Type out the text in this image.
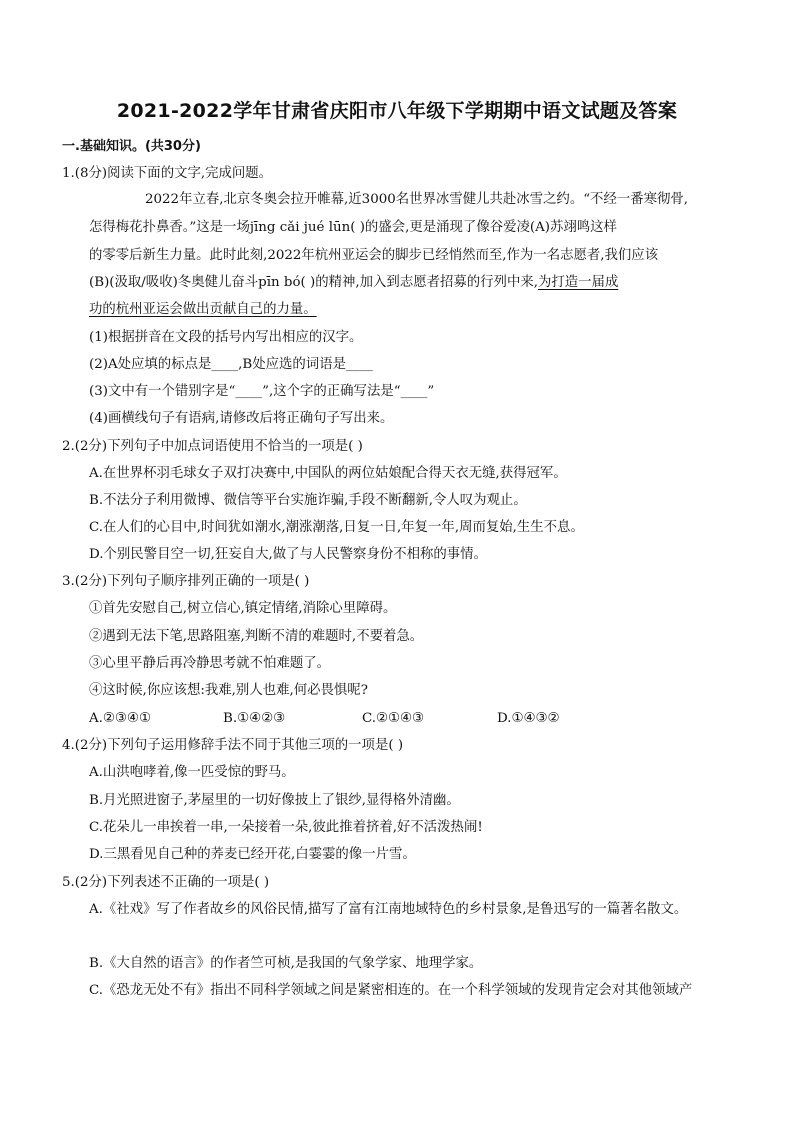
2021-2022学年甘肃省庆阳市八年级下学期期中语文试题及答案
一.基础知识。(共30分)
1.(8分)阅读下面的文字,完成问题。
2022年立春,北京冬奥会拉开帷幕,近3000名世界冰雪健儿共赴冰雪之约。“不经一番寒彻骨,
怎得梅花扑鼻香。”这是一场jīng cǎi jué lūn( )的盛会,更是涌现了像谷爱凌(A)苏翊鸣这样
的零零后新生力量。此时此刻,2022年杭州亚运会的脚步已经悄然而至,作为一名志愿者,我们应该
(B)(汲取/吸收)冬奥健儿奋斗pīn bó( )的精神,加入到志愿者招募的行列中来,为打造一届成
功的杭州亚运会做出贡献自己的力量。
(1)根据拼音在文段的括号内写出相应的汉字。
(2)A处应填的标点是____,B处应选的词语是____
(3)文中有一个错别字是“____”,这个字的正确写法是“____”
(4)画横线句子有语病,请修改后将正确句子写出来。
2.(2分)下列句子中加点词语使用不恰当的一项是( )
A.在世界杯羽毛球女子双打决赛中,中国队的两位姑娘配合得天衣无缝,获得冠军。
B.不法分子利用微博、微信等平台实施诈骗,手段不断翻新,令人叹为观止。
C.在人们的心目中,时间犹如潮水,潮涨潮落,日复一日,年复一年,周而复始,生生不息。
D.个别民警目空一切,狂妄自大,做了与人民警察身份不相称的事情。
3.(2分)下列句子顺序排列正确的一项是( )
①首先安慰自己,树立信心,镇定情绪,消除心里障碍。
②遇到无法下笔,思路阻塞,判断不清的难题时,不要着急。
③心里平静后再冷静思考就不怕难题了。
④这时候,你应该想:我难,别人也难,何必畏惧呢?
A.②③④①	B.①④②③	C.②①④③	D.①④③②
4.(2分)下列句子运用修辞手法不同于其他三项的一项是( )
A.山洪咆哮着,像一匹受惊的野马。
B.月光照进窗子,茅屋里的一切好像披上了银纱,显得格外清幽。
C.花朵儿一串挨着一串,一朵接着一朵,彼此推着挤着,好不活泼热闹!
D.三黑看见自己种的荞麦已经开花,白霎霎的像一片雪。
5.(2分)下列表述不正确的一项是( )
A.《社戏》写了作者故乡的风俗民情,描写了富有江南地域特色的乡村景象,是鲁迅写的一篇著名散文。
B.《大自然的语言》的作者竺可桢,是我国的气象学家、地理学家。
C.《恐龙无处不有》指出不同科学领域之间是紧密相连的。在一个科学领域的发现肯定会对其他领域产
